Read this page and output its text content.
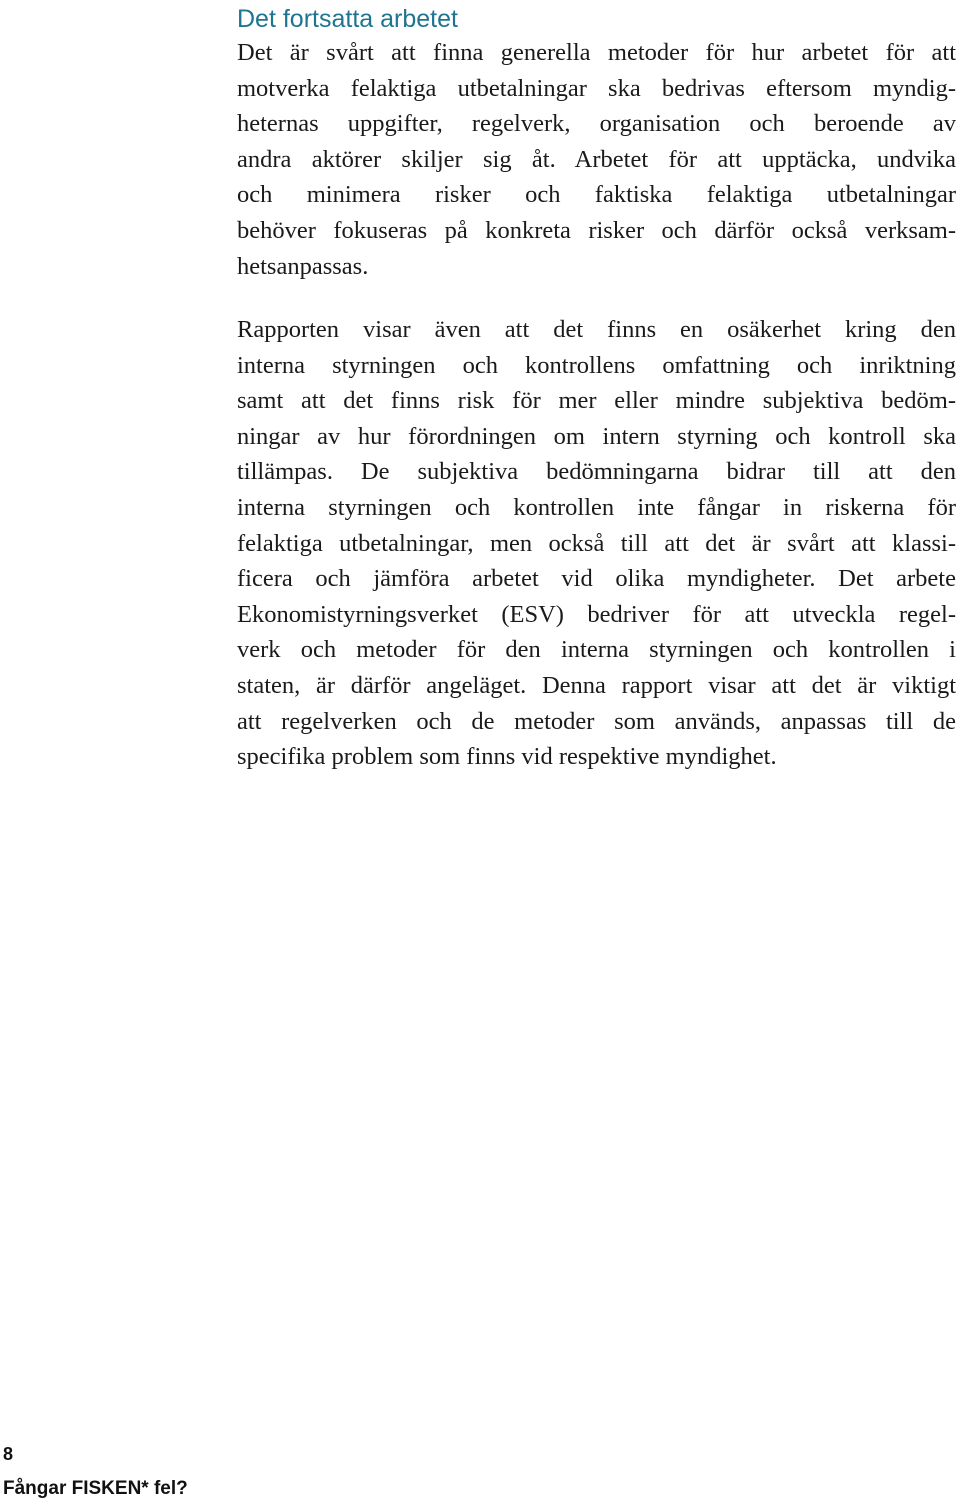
Det fortsatta arbetet
Det är svårt att finna generella metoder för hur arbetet för att
motverka felaktiga utbetalningar ska bedrivas eftersom myndig-
heternas uppgifter, regelverk, organisation och beroende av
andra aktörer skiljer sig åt. Arbetet för att upptäcka, undvika
och minimera risker och faktiska felaktiga utbetalningar
behöver fokuseras på konkreta risker och därför också verksam-
hetsanpassas.
Rapporten visar även att det finns en osäkerhet kring den
interna styrningen och kontrollens omfattning och inriktning
samt att det finns risk för mer eller mindre subjektiva bedöm-
ningar av hur förordningen om intern styrning och kontroll ska
tillämpas. De subjektiva bedömningarna bidrar till att den
interna styrningen och kontrollen inte fångar in riskerna för
felaktiga utbetalningar, men också till att det är svårt att klassi-
ficera och jämföra arbetet vid olika myndigheter. Det arbete
Ekonomistyrningsverket (ESV) bedriver för att utveckla regel-
verk och metoder för den interna styrningen och kontrollen i
staten, är därför angeläget. Denna rapport visar att det är viktigt
att regelverken och de metoder som används, anpassas till de
specifika problem som finns vid respektive myndighet.
8
Fångar FISKEN* fel?
